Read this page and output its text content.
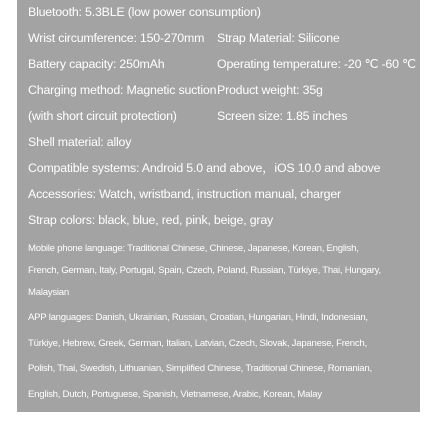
Bluetooth: 5.3BLE (low power consumption)
Wrist circumference: 150-270mm Strap Material: Silicone
Battery capacity: 250mAh	Operating temperature: -20 ℃ -60 ℃
Charging method: Magnetic suction Product weight: 35g
(with short circuit protection)	Screen size: 1.85 inches
Shell material: alloy
Compatible systems: Android 5.0 and above，iOS 10.0 and above
Accessories: Watch, wristband, instruction manual, charger
Strap colors: black, blue, red, pink, beige, gray
Mobile phone language: Traditional Chinese, Chinese, Japanese, Korean, English,
French, German, Italy, Portugal, Spain, Czech, Poland, Russian, Türkiye, Thai, Hungary,
Malaysian
APP languages: Danish, Ukrainian, Russian, Croatian, Hungarian, Hindi, Indonesian,
Türkiye, Hebrew, Greek, German, Italian, Latvian, Czech, Slovak, Japanese, French,
Polish, Thai, Swedish, Lithuanian, Simplified Chinese, Traditional Chinese, Romanian,
English, Dutch, Portuguese, Spanish, Vietnamese, Arabic, Korean, Malay
